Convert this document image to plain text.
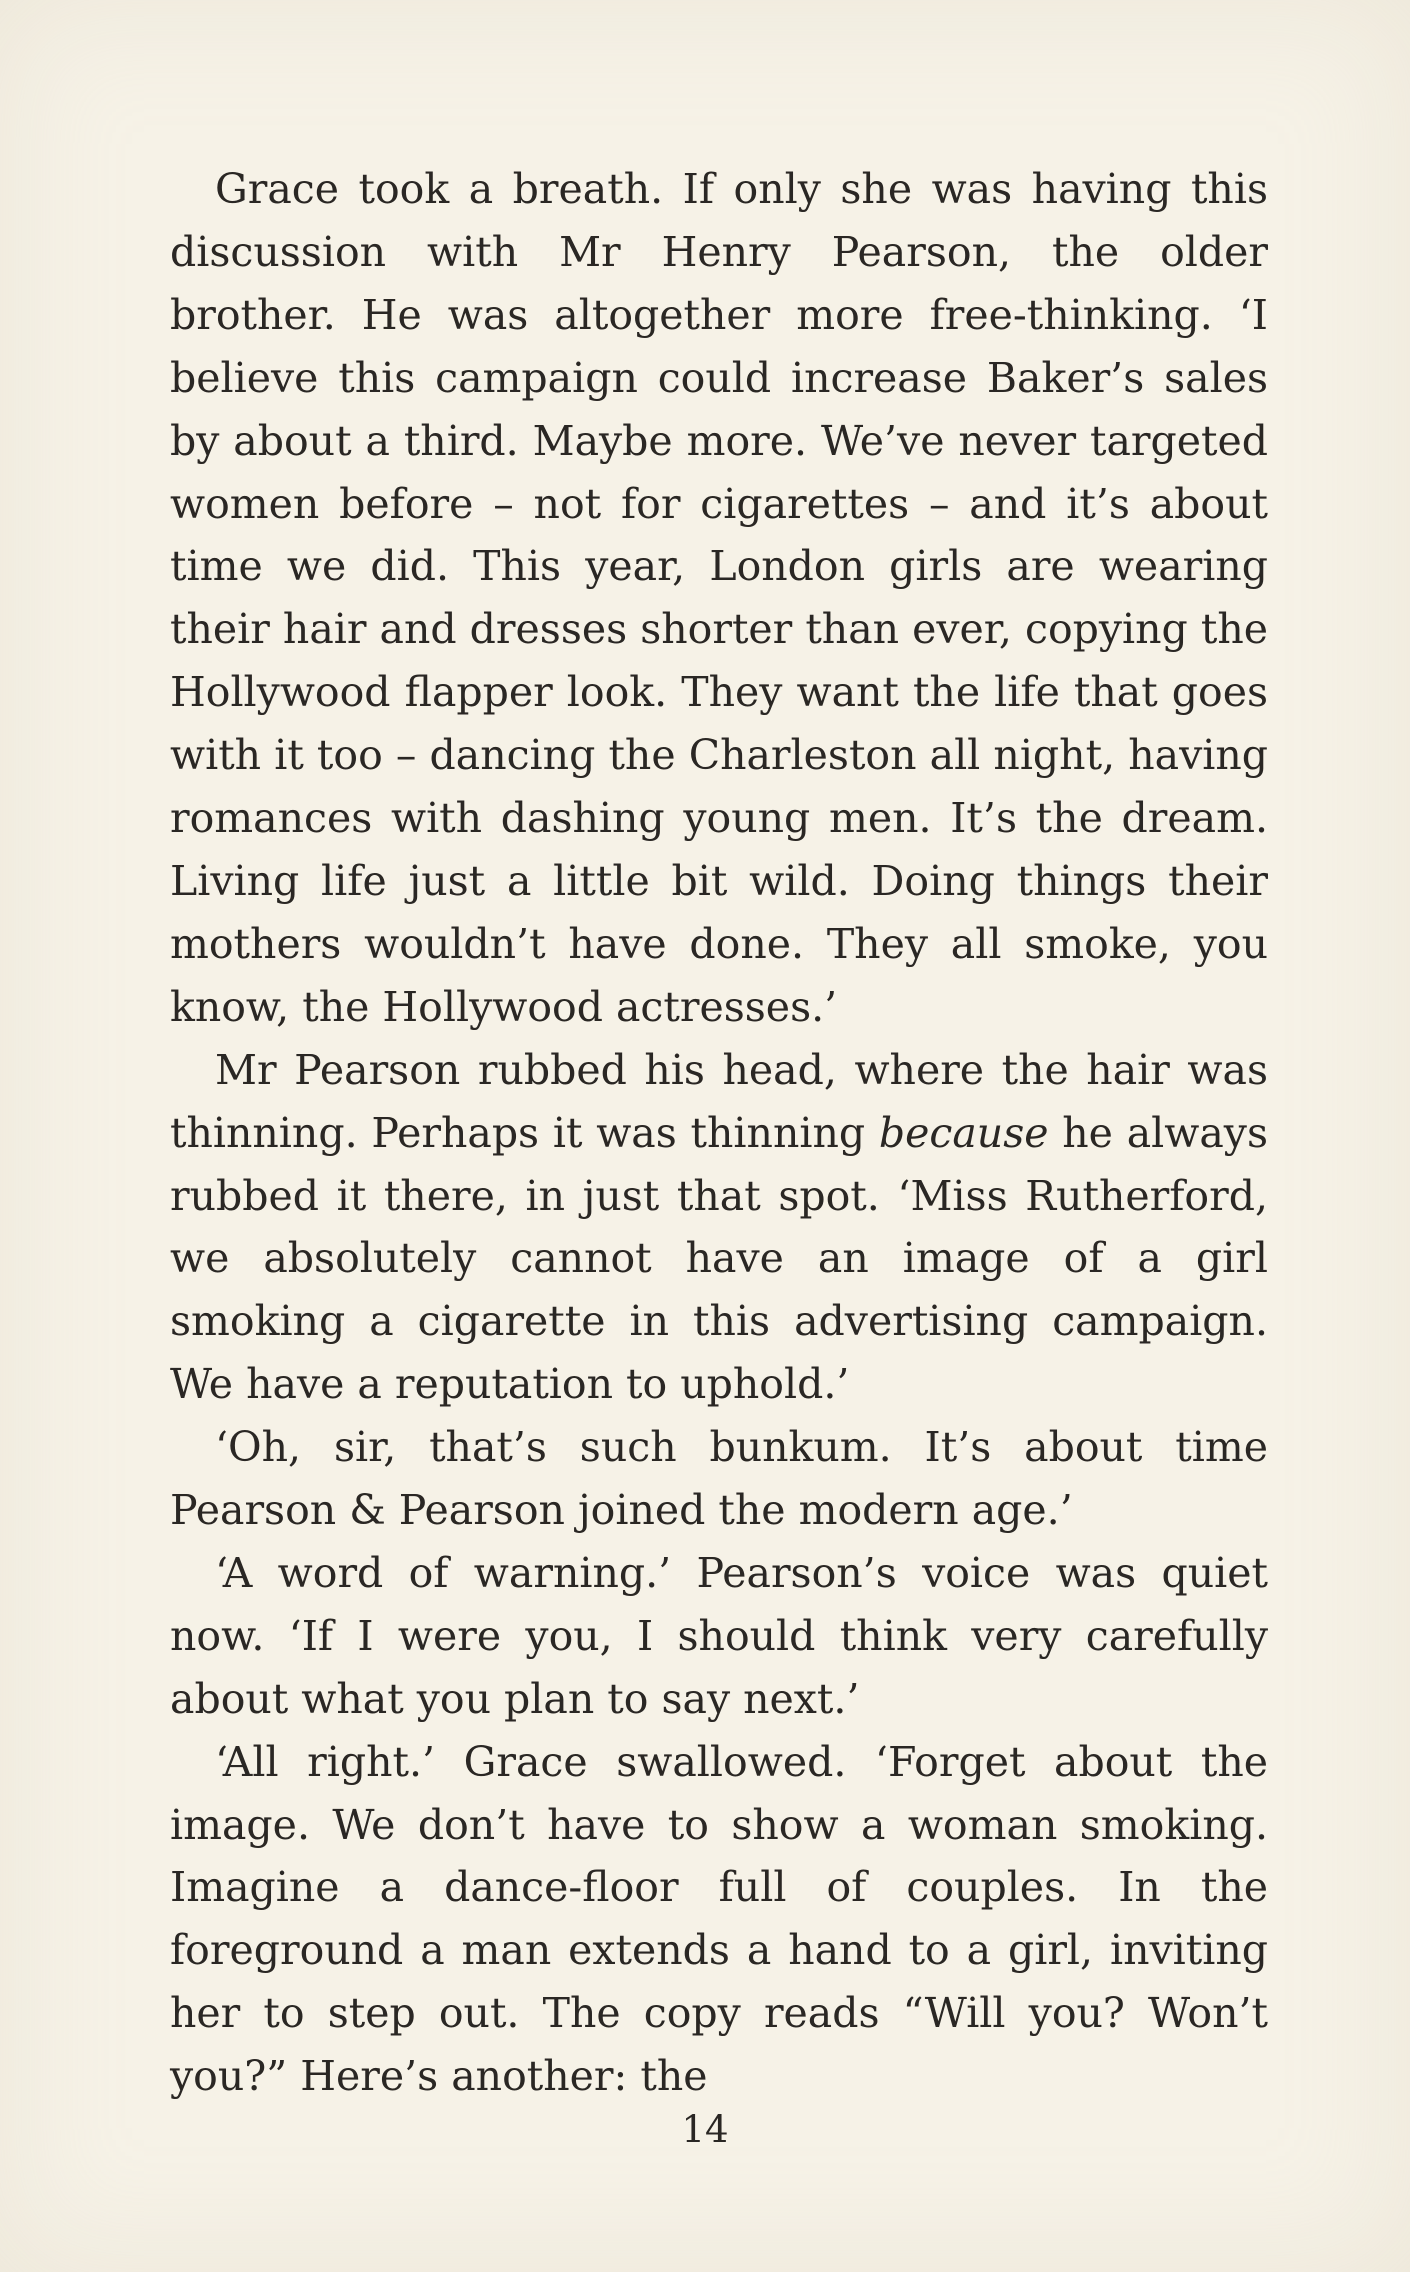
Grace took a breath. If only she was having this discussion with Mr Henry Pearson, the older brother. He was altogether more free-thinking. ‘I believe this campaign could increase Baker’s sales by about a third. Maybe more. We’ve never targeted women before – not for cigarettes – and it’s about time we did. This year, London girls are wearing their hair and dresses shorter than ever, copying the Hollywood flapper look. They want the life that goes with it too – dancing the Charleston all night, having romances with dashing young men. It’s the dream. Living life just a little bit wild. Doing things their mothers wouldn’t have done. They all smoke, you know, the Hollywood actresses.’

Mr Pearson rubbed his head, where the hair was thinning. Perhaps it was thinning because he always rubbed it there, in just that spot. ‘Miss Rutherford, we absolutely cannot have an image of a girl smoking a cigarette in this advertising campaign. We have a reputation to uphold.’

‘Oh, sir, that’s such bunkum. It’s about time Pearson & Pearson joined the modern age.’

‘A word of warning.’ Pearson’s voice was quiet now. ‘If I were you, I should think very carefully about what you plan to say next.’

‘All right.’ Grace swallowed. ‘Forget about the image. We don’t have to show a woman smoking. Imagine a dance-floor full of couples. In the foreground a man extends a hand to a girl, inviting her to step out. The copy reads “Will you? Won’t you?” Here’s another: the

14
